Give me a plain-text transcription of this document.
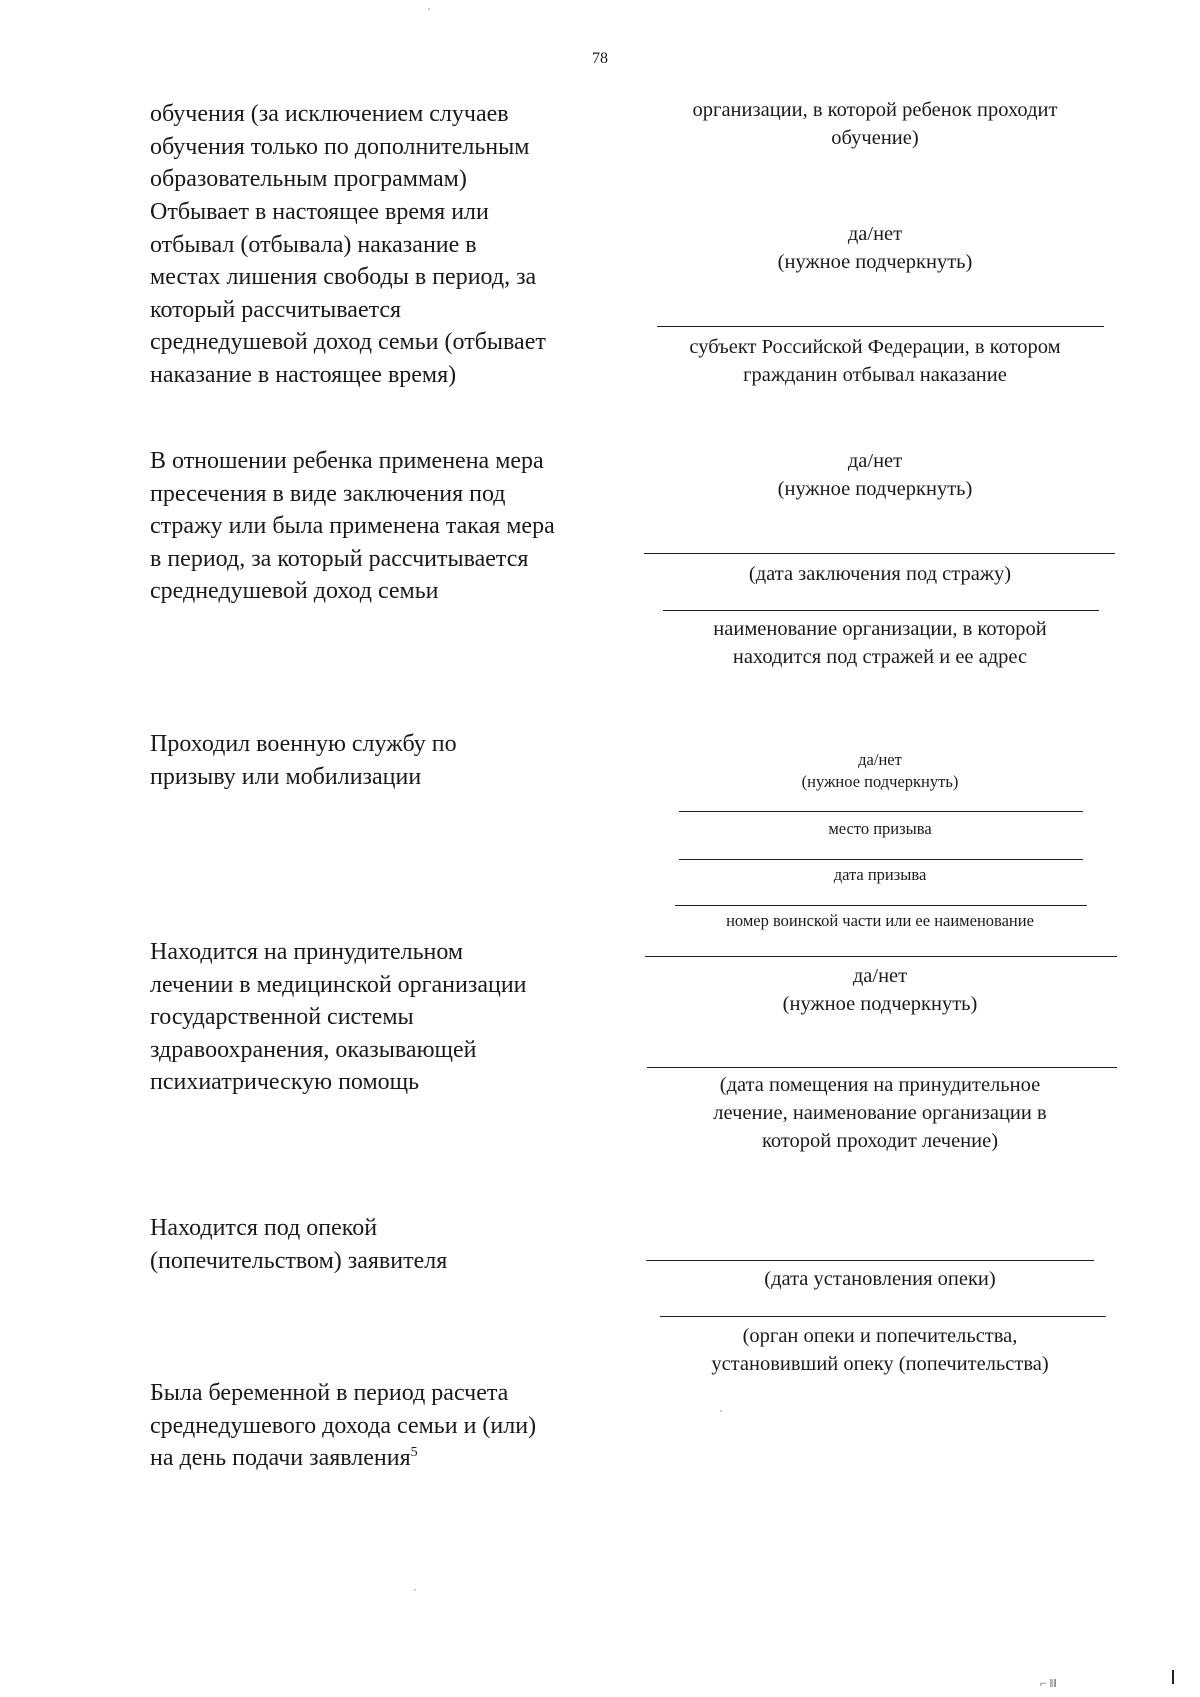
78
обучения (за исключением случаев
обучения только по дополнительным
образовательным программам)
Отбывает в настоящее время или
отбывал (отбывала) наказание в
местах лишения свободы в период, за
который рассчитывается
среднедушевой доход семьи (отбывает
наказание в настоящее время)
В отношении ребенка применена мера
пресечения в виде заключения под
стражу или была применена такая мера
в период, за который рассчитывается
среднедушевой доход семьи
Проходил военную службу по
призыву или мобилизации
Находится на принудительном
лечении в медицинской организации
государственной системы
здравоохранения, оказывающей
психиатрическую помощь
Находится под опекой
(попечительством) заявителя
Была беременной в период расчета
среднедушевого дохода семьи и (или)
на день подачи заявления$^5$
организации, в которой ребенок проходит
обучение)
да/нет
(нужное подчеркнуть)
субъект Российской Федерации, в котором
гражданин отбывал наказание
да/нет
(нужное подчеркнуть)
(дата заключения под стражу)
наименование организации, в которой
находится под стражей и ее адрес
да/нет
(нужное подчеркнуть)
место призыва
дата призыва
номер воинской части или ее наименование
да/нет
(нужное подчеркнуть)
(дата помещения на принудительное
лечение, наименование организации в
которой проходит лечение)
(дата установления опеки)
(орган опеки и попечительства,
установивший опеку (попечительства)
⌐ ‖‖
